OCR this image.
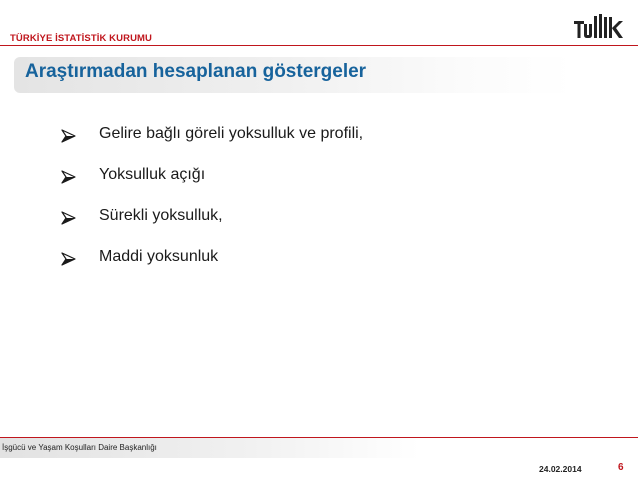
TÜRKİYE İSTATİSTİK KURUMU
Araştırmadan hesaplanan göstergeler
Gelire bağlı göreli yoksulluk ve profili,
Yoksulluk açığı
Sürekli yoksulluk,
Maddi yoksunluk
İşgücü ve Yaşam Koşulları Daire Başkanlığı
24.02.2014	6
